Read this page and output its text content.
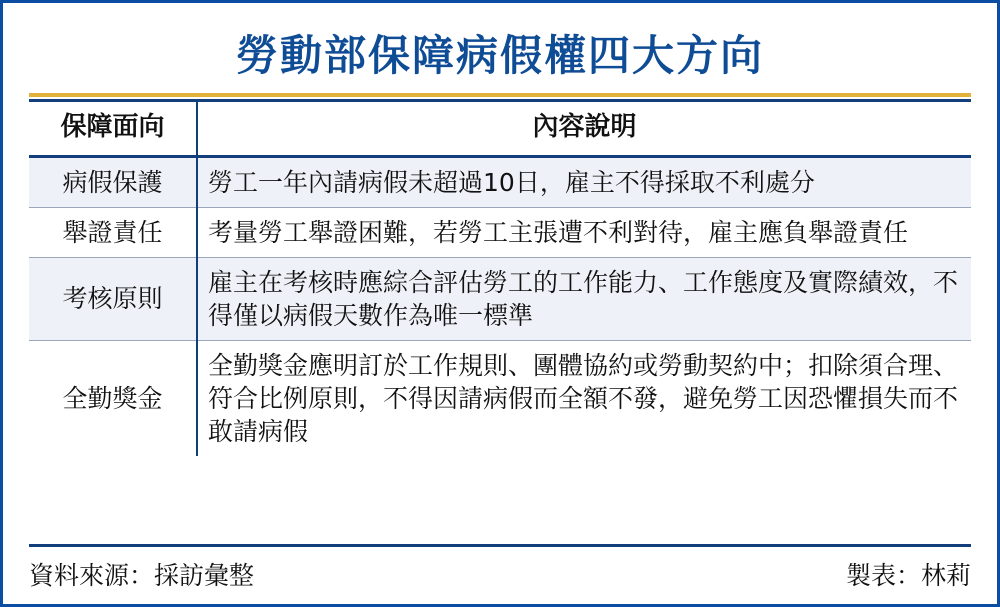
勞動部保障病假權四大方向
保障面向	內容說明
病假保護	勞工一年內請病假未超過10日，雇主不得採取不利處分
舉證責任	考量勞工舉證困難，若勞工主張遭不利對待，雇主應負舉證責任
考核原則	雇主在考核時應綜合評估勞工的工作能力、工作態度及實際績效，不得僅以病假天數作為唯一標準
全勤獎金	全勤獎金應明訂於工作規則、團體協約或勞動契約中；扣除須合理、符合比例原則，不得因請病假而全額不發，避免勞工因恐懼損失而不敢請病假
資料來源：採訪彙整	製表：林莉
